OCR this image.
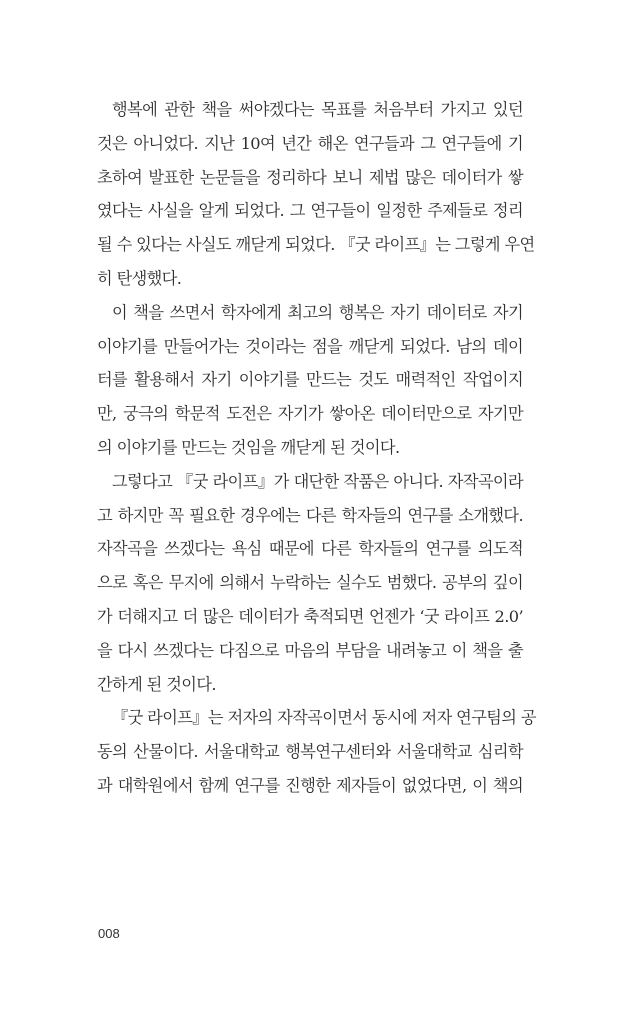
행복에 관한 책을 써야겠다는 목표를 처음부터 가지고 있던
것은 아니었다. 지난 10여 년간 해온 연구들과 그 연구들에 기
초하여 발표한 논문들을 정리하다 보니 제법 많은 데이터가 쌓
였다는 사실을 알게 되었다. 그 연구들이 일정한 주제들로 정리
될 수 있다는 사실도 깨닫게 되었다. 『굿 라이프』는 그렇게 우연
히 탄생했다.
이 책을 쓰면서 학자에게 최고의 행복은 자기 데이터로 자기
이야기를 만들어가는 것이라는 점을 깨닫게 되었다. 남의 데이
터를 활용해서 자기 이야기를 만드는 것도 매력적인 작업이지
만, 궁극의 학문적 도전은 자기가 쌓아온 데이터만으로 자기만
의 이야기를 만드는 것임을 깨닫게 된 것이다.
그렇다고 『굿 라이프』가 대단한 작품은 아니다. 자작곡이라
고 하지만 꼭 필요한 경우에는 다른 학자들의 연구를 소개했다.
자작곡을 쓰겠다는 욕심 때문에 다른 학자들의 연구를 의도적
으로 혹은 무지에 의해서 누락하는 실수도 범했다. 공부의 깊이
가 더해지고 더 많은 데이터가 축적되면 언젠가 ‘굿 라이프 2.0’
을 다시 쓰겠다는 다짐으로 마음의 부담을 내려놓고 이 책을 출
간하게 된 것이다.
『굿 라이프』는 저자의 자작곡이면서 동시에 저자 연구팀의 공
동의 산물이다. 서울대학교 행복연구센터와 서울대학교 심리학
과 대학원에서 함께 연구를 진행한 제자들이 없었다면, 이 책의
008
